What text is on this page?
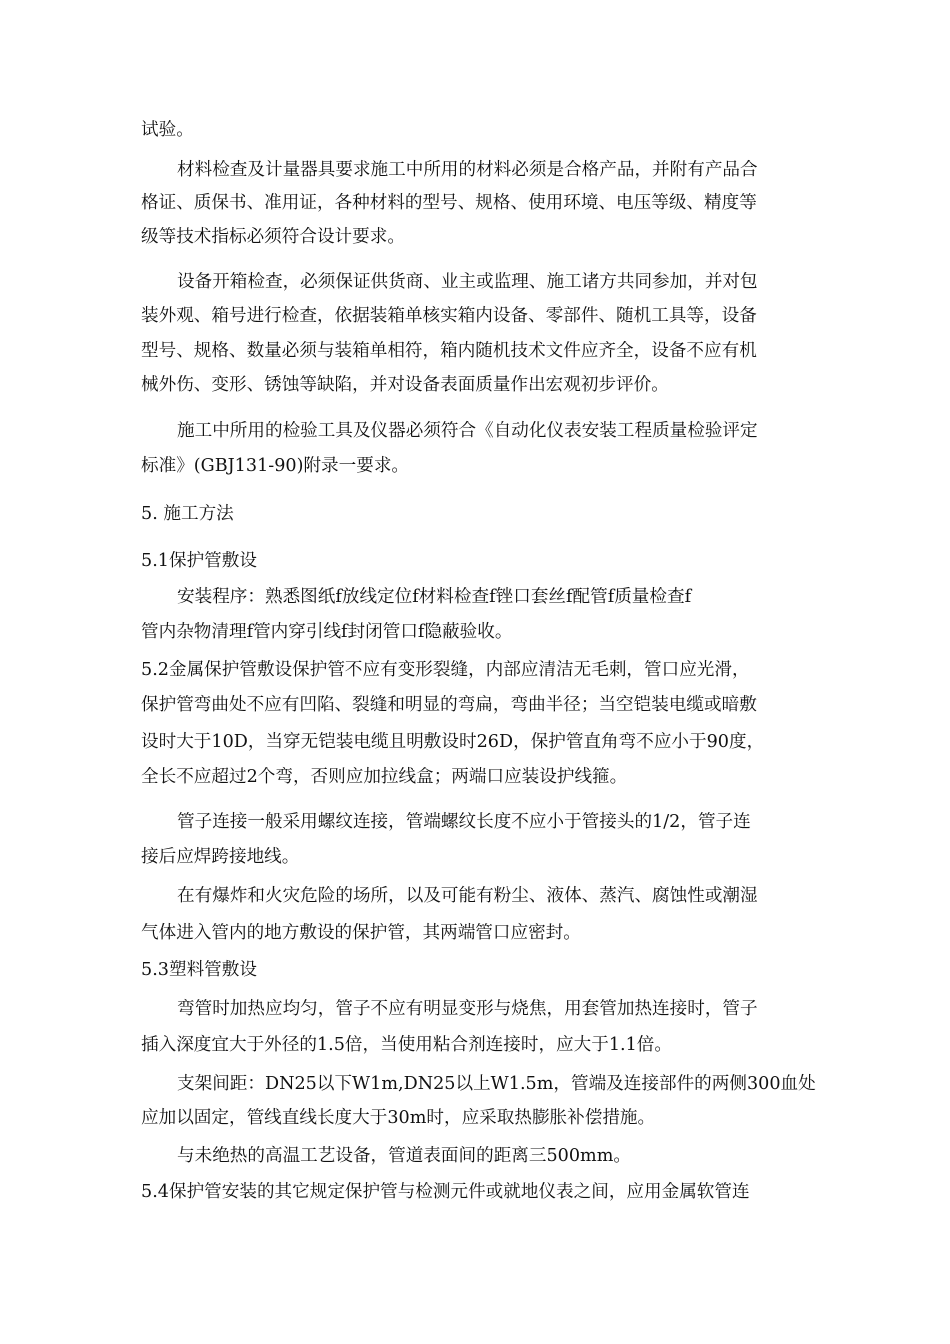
试验。
材料检查及计量器具要求施工中所用的材料必须是合格产品，并附有产品合
格证、质保书、准用证，各种材料的型号、规格、使用环境、电压等级、精度等
级等技术指标必须符合设计要求。
设备开箱检查，必须保证供货商、业主或监理、施工诸方共同参加，并对包
装外观、箱号进行检查，依据装箱单核实箱内设备、零部件、随机工具等，设备
型号、规格、数量必须与装箱单相符，箱内随机技术文件应齐全，设备不应有机
械外伤、变形、锈蚀等缺陷，并对设备表面质量作出宏观初步评价。
施工中所用的检验工具及仪器必须符合《自动化仪表安装工程质量检验评定
标准》(GBJ131-90)附录一要求。
5. 施工方法
5.1保护管敷设
安装程序：熟悉图纸f放线定位f材料检查f锉口套丝f配管f质量检查f
管内杂物清理f管内穿引线f封闭管口f隐蔽验收。
5.2金属保护管敷设保护管不应有变形裂缝，内部应清洁无毛刺，管口应光滑，
保护管弯曲处不应有凹陷、裂缝和明显的弯扁，弯曲半径；当空铠装电缆或暗敷
设时大于10D，当穿无铠装电缆且明敷设时26D，保护管直角弯不应小于90度，
全长不应超过2个弯，否则应加拉线盒；两端口应装设护线箍。
管子连接一般采用螺纹连接，管端螺纹长度不应小于管接头的1/2，管子连
接后应焊跨接地线。
在有爆炸和火灾危险的场所，以及可能有粉尘、液体、蒸汽、腐蚀性或潮湿
气体进入管内的地方敷设的保护管，其两端管口应密封。
5.3塑料管敷设
弯管时加热应均匀，管子不应有明显变形与烧焦，用套管加热连接时，管子
插入深度宜大于外径的1.5倍，当使用粘合剂连接时，应大于1.1倍。
支架间距：DN25以下W1m,DN25以上W1.5m，管端及连接部件的两侧300血处
应加以固定，管线直线长度大于30m时，应采取热膨胀补偿措施。
与未绝热的高温工艺设备，管道表面间的距离三500mm。
5.4保护管安装的其它规定保护管与检测元件或就地仪表之间，应用金属软管连
